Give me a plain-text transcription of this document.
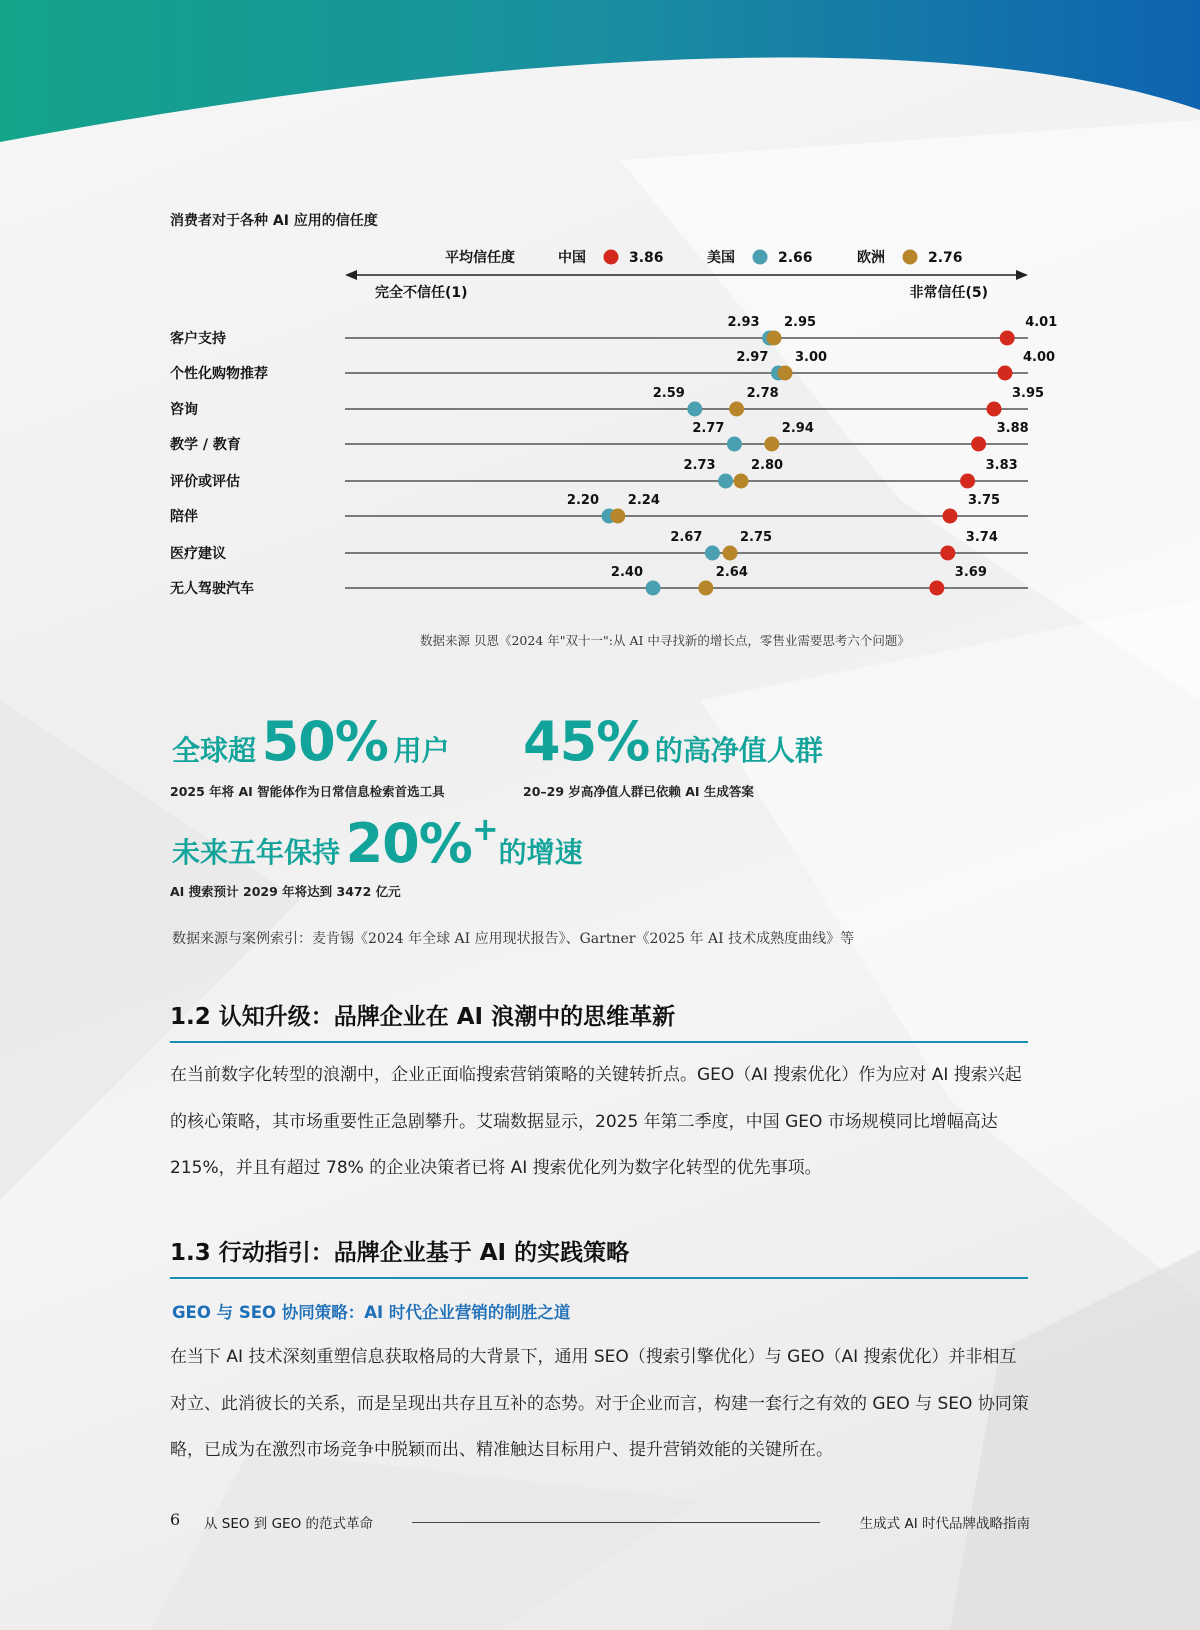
消费者对于各种 AI 应用的信任度
平均信任度	中国	3.86	美国	2.66	欧洲	2.76
完全不信任(1)	非常信任(5)
客户支持
2.93 2.95	4.01
个性化购物推荐
2.97 3.00	4.00
咨询
2.59	2.78	3.95
教学 / 教育
2.77	2.94	3.88
评价或评估
2.73	2.80	3.83
陪伴
2.20 2.24	3.75
医疗建议
2.67	2.75	3.74
无人驾驶汽车
2.40	2.64	3.69
数据来源 贝恩《2024 年"双十一":从 AI 中寻找新的增长点，零售业需要思考六个问题》
全球超 50% 用户
2025 年将 AI 智能体作为日常信息检索首选工具
45% 的高净值人群
20–29 岁高净值人群已依赖 AI 生成答案
未来五年保持 20%+的增速
AI 搜索预计 2029 年将达到 3472 亿元
数据来源与案例索引：麦肯锡《2024 年全球 AI 应用现状报告》、Gartner《2025 年 AI 技术成熟度曲线》等
1.2 认知升级：品牌企业在 AI 浪潮中的思维革新
在当前数字化转型的浪潮中，企业正面临搜索营销策略的关键转折点。GEO（AI 搜索优化）作为应对 AI 搜索兴起的核心策略，其市场重要性正急剧攀升。艾瑞数据显示，2025 年第二季度，中国 GEO 市场规模同比增幅高达 215%，并且有超过 78% 的企业决策者已将 AI 搜索优化列为数字化转型的优先事项。
1.3 行动指引：品牌企业基于 AI 的实践策略
GEO 与 SEO 协同策略：AI 时代企业营销的制胜之道
在当下 AI 技术深刻重塑信息获取格局的大背景下，通用 SEO（搜索引擎优化）与 GEO（AI 搜索优化）并非相互对立、此消彼长的关系，而是呈现出共存且互补的态势。对于企业而言，构建一套行之有效的 GEO 与 SEO 协同策略，已成为在激烈市场竞争中脱颖而出、精准触达目标用户、提升营销效能的关键所在。
6 从 SEO 到 GEO 的范式革命	生成式 AI 时代品牌战略指南
